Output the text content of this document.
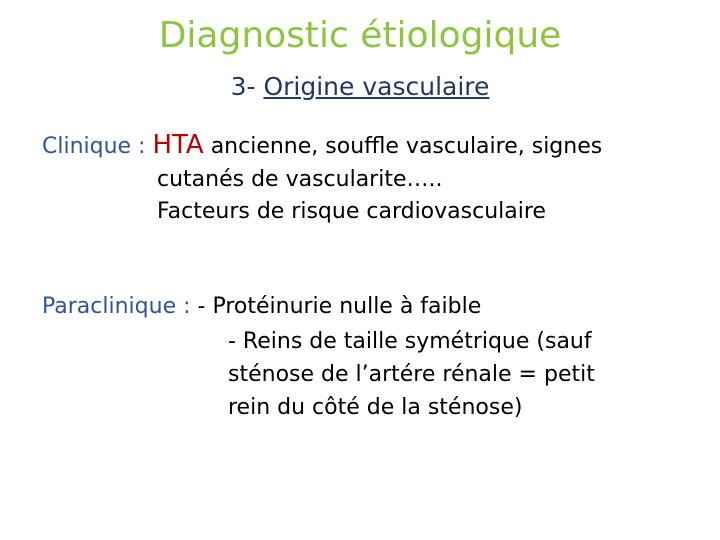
Diagnostic étiologique
3- Origine vasculaire
Clinique : HTA ancienne, souffle vasculaire, signes
cutanés de vascularite…..
Facteurs de risque cardiovasculaire
Paraclinique : - Protéinurie nulle à faible
- Reins de taille symétrique (sauf
sténose de l’artére rénale = petit
rein du côté de la sténose)
